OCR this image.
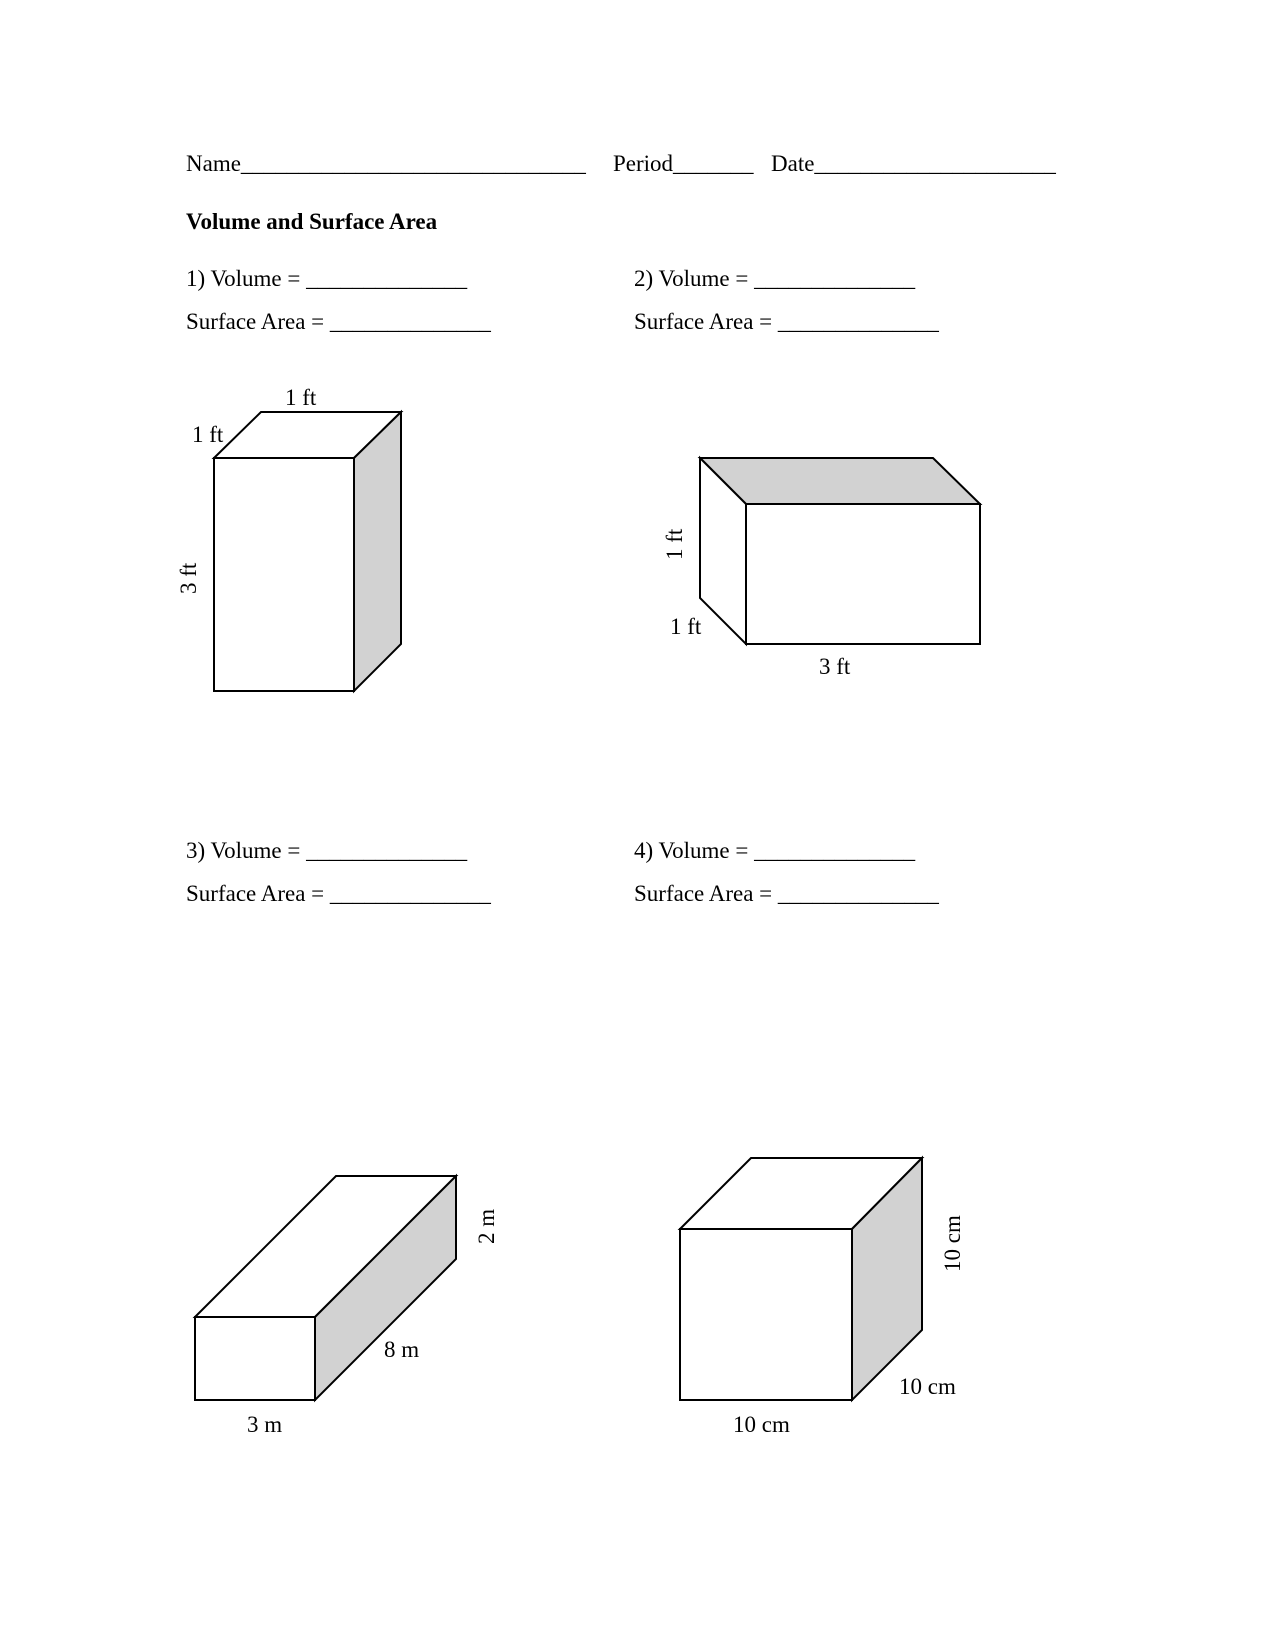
Name______________________________ Period_______ Date_____________________
Volume and Surface Area
1) Volume = ______________
Surface Area = ______________
2) Volume = ______________
Surface Area = ______________
3) Volume = ______________
Surface Area = ______________
4) Volume = ______________
Surface Area = ______________
1 ft
1 ft
3 ft
1 ft
1 ft
3 ft
2 m
8 m
3 m
10 cm
10 cm
10 cm
